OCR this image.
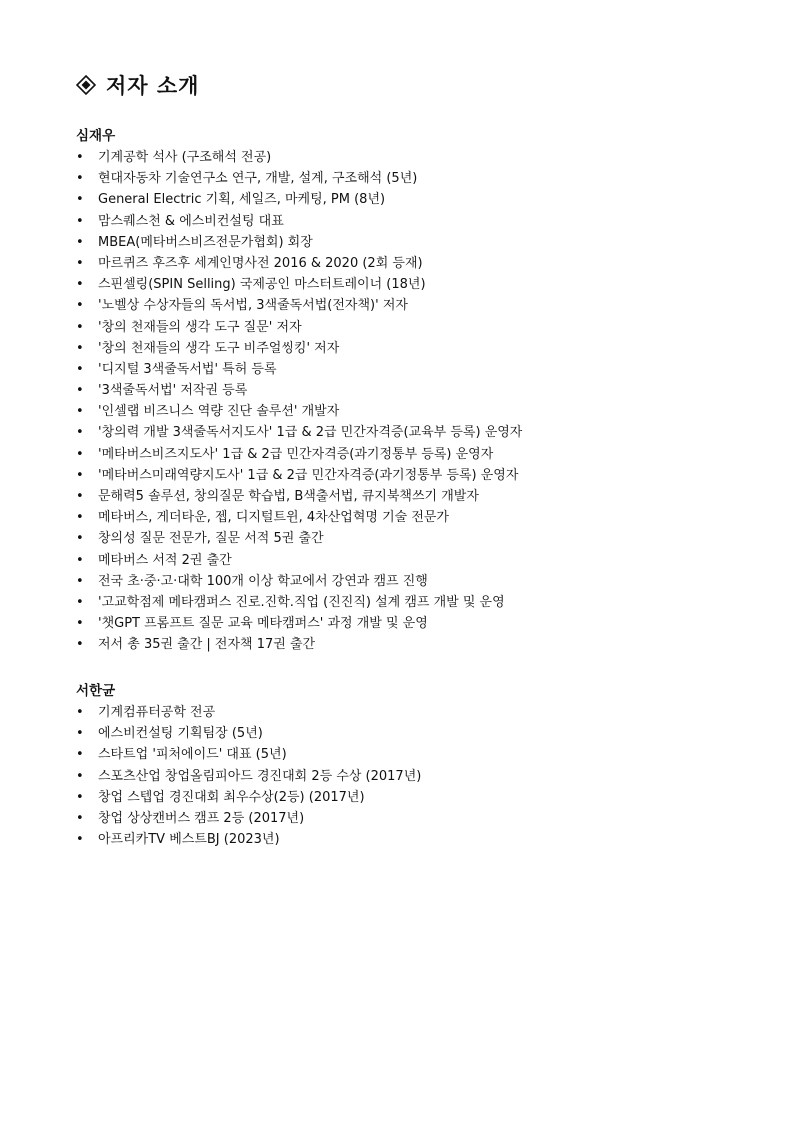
저자 소개
심재우
• 기계공학 석사 (구조해석 전공)
• 현대자동차 기술연구소 연구, 개발, 설계, 구조해석 (5년)
• General Electric 기획, 세일즈, 마케팅, PM (8년)
• 맘스퀘스천 & 에스비컨설팅 대표
• MBEA(메타버스비즈전문가협회) 회장
• 마르퀴즈 후즈후 세계인명사전 2016 & 2020 (2회 등재)
• 스핀셀링(SPIN Selling) 국제공인 마스터트레이너 (18년)
• '노벨상 수상자들의 독서법, 3색줄독서법(전자책)' 저자
• '창의 천재들의 생각 도구 질문' 저자
• '창의 천재들의 생각 도구 비주얼씽킹' 저자
• '디지털 3색줄독서법' 특허 등록
• '3색줄독서법' 저작권 등록
• '인셀랩 비즈니스 역량 진단 솔루션' 개발자
• '창의력 개발 3색줄독서지도사' 1급 & 2급 민간자격증(교육부 등록) 운영자
• '메타버스비즈지도사' 1급 & 2급 민간자격증(과기정통부 등록) 운영자
• '메타버스미래역량지도사' 1급 & 2급 민간자격증(과기정통부 등록) 운영자
• 문해력5 솔루션, 창의질문 학습법, B색출서법, 큐지북책쓰기 개발자
• 메타버스, 게더타운, 젭, 디지털트윈, 4차산업혁명 기술 전문가
• 창의성 질문 전문가, 질문 서적 5권 출간
• 메타버스 서적 2권 출간
• 전국 초·중·고·대학 100개 이상 학교에서 강연과 캠프 진행
• '고교학점제 메타캠퍼스 진로.진학.직업 (진진직) 설계 캠프 개발 및 운영
• '챗GPT 프롬프트 질문 교육 메타캠퍼스' 과정 개발 및 운영
• 저서 총 35권 출간 | 전자책 17권 출간
서한균
• 기계컴퓨터공학 전공
• 에스비컨설팅 기획팀장 (5년)
• 스타트업 '피처에이드' 대표 (5년)
• 스포츠산업 창업올림피아드 경진대회 2등 수상 (2017년)
• 창업 스텝업 경진대회 최우수상(2등) (2017년)
• 창업 상상캔버스 캠프 2등 (2017년)
• 아프리카TV 베스트BJ (2023년)
